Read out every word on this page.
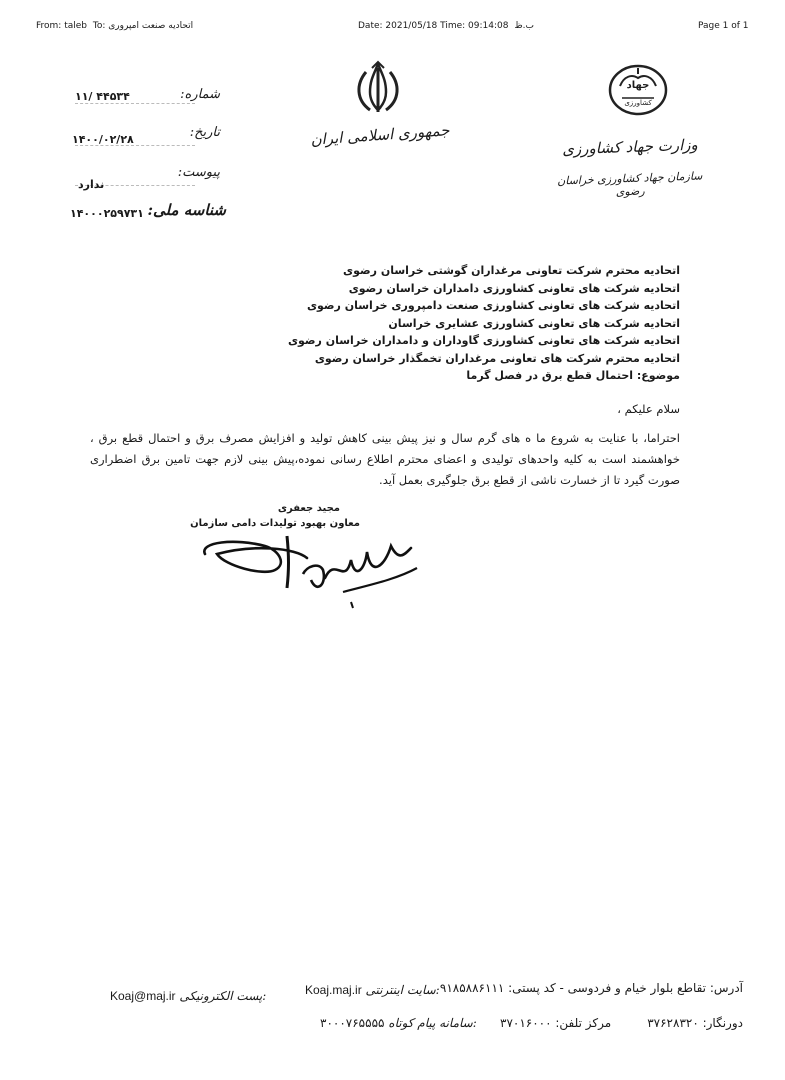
From: taleb To: اتحادیه صنعت امپروری	Date: 2021/05/18 Time: 09:14:08 ب.ظ	Page 1 of 1
شماره:
۱۱/ ۴۴۵۳۴
تاریخ:
۱۴۰۰/۰۲/۲۸
پیوست:
ندارد
شناسه ملی:
۱۴۰۰۰۲۵۹۷۳۱
جمهوری اسلامی ایران
جهاد
کشاورزی
وزارت جهاد کشاورزی
سازمان جهاد کشاورزی خراسان رضوی
اتحادیه محترم شرکت تعاونی مرغداران گوشتی خراسان رضوی
اتحادیه شرکت های تعاونی کشاورزی دامداران خراسان رضوی
اتحادیه شرکت های تعاونی کشاورزی صنعت دامپروری خراسان رضوی
اتحادیه شرکت های تعاونی کشاورزی عشایری خراسان
اتحادیه شرکت های تعاونی کشاورزی گاوداران و دامداران خراسان رضوی
اتحادیه محترم شرکت های تعاونی مرغداران تخمگذار خراسان رضوی
موضوع: احتمال قطع برق در فصل گرما
سلام علیکم ،
احتراما، با عنایت به شروع ما ه های گرم سال و نیز پیش بینی کاهش تولید و افزایش مصرف برق و احتمال قطع برق ، خواهشمند است به کلیه واحدهای تولیدی و اعضای محترم اطلاع رسانی نموده،پیش بینی لازم جهت تامین برق اضطراری صورت گیرد تا از خسارت ناشی از قطع برق جلوگیری بعمل آید.
مجید جعفری
معاون بهبود تولیدات دامی سازمان
آدرس: تقاطع بلوار خیام و فردوسی - کد پستی: ۹۱۸۵۸۸۶۱۱۱
دورنگار: ۳۷۶۲۸۳۲۰
مرکز تلفن: ۳۷۰۱۶۰۰۰
Koaj.maj.ir سایت اینترنتی:
۳۰۰۰۷۶۵۵۵۵ سامانه پیام کوتاه:
Koaj@maj.ir پست الکترونیکی:
